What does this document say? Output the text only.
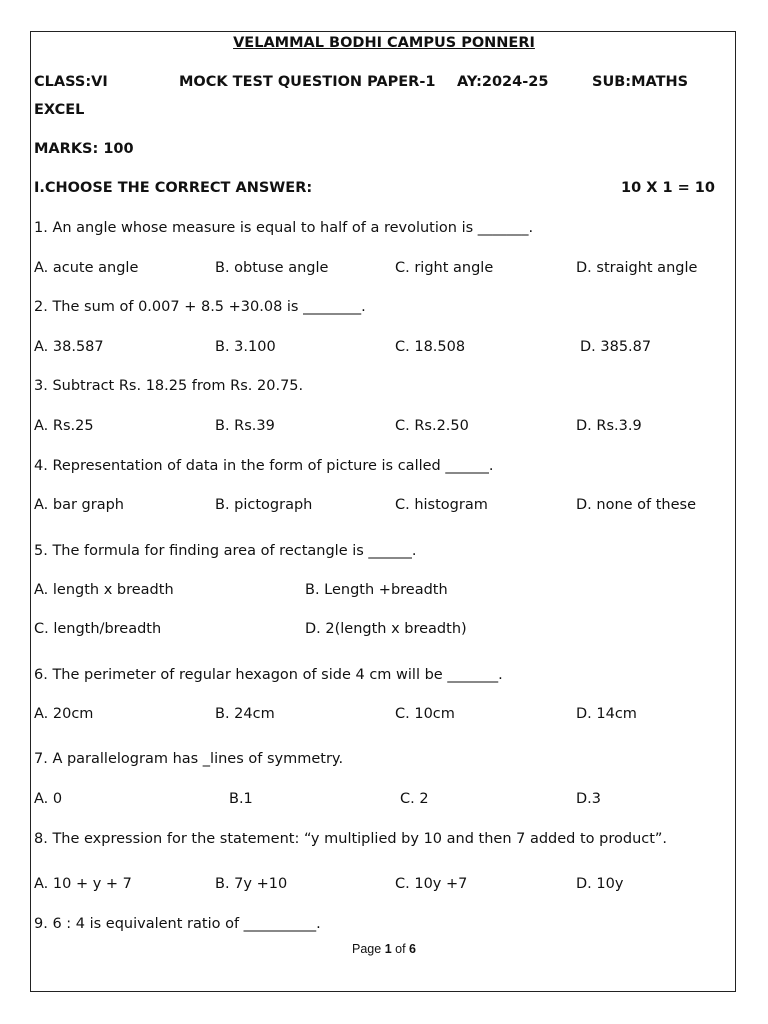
VELAMMAL BODHI CAMPUS PONNERI
CLASS:VI	MOCK TEST QUESTION PAPER-1 AY:2024-25	SUB:MATHS
EXCEL
MARKS: 100
I.CHOOSE THE CORRECT ANSWER:	10 X 1 = 10
1. An angle whose measure is equal to half of a revolution is _______.
A. acute angle	B. obtuse angle	C. right angle	D. straight angle
2. The sum of 0.007 + 8.5 +30.08 is ________.
A. 38.587	B. 3.100	C. 18.508	D. 385.87
3. Subtract Rs. 18.25 from Rs. 20.75.
A. Rs.25	B. Rs.39	C. Rs.2.50	D. Rs.3.9
4. Representation of data in the form of picture is called ______.
A. bar graph	B. pictograph	C. histogram	D. none of these
5. The formula for finding area of rectangle is ______.
A. length x breadth	B. Length +breadth
C. length/breadth	D. 2(length x breadth)
6. The perimeter of regular hexagon of side 4 cm will be _______.
A. 20cm	B. 24cm	C. 10cm	D. 14cm
7. A parallelogram has _lines of symmetry.
A. 0	B.1	C. 2	D.3
8. The expression for the statement: “y multiplied by 10 and then 7 added to product”.
A. 10 + y + 7	B. 7y +10	C. 10y +7	D. 10y
9. 6 : 4 is equivalent ratio of __________.
Page 1 of 6
